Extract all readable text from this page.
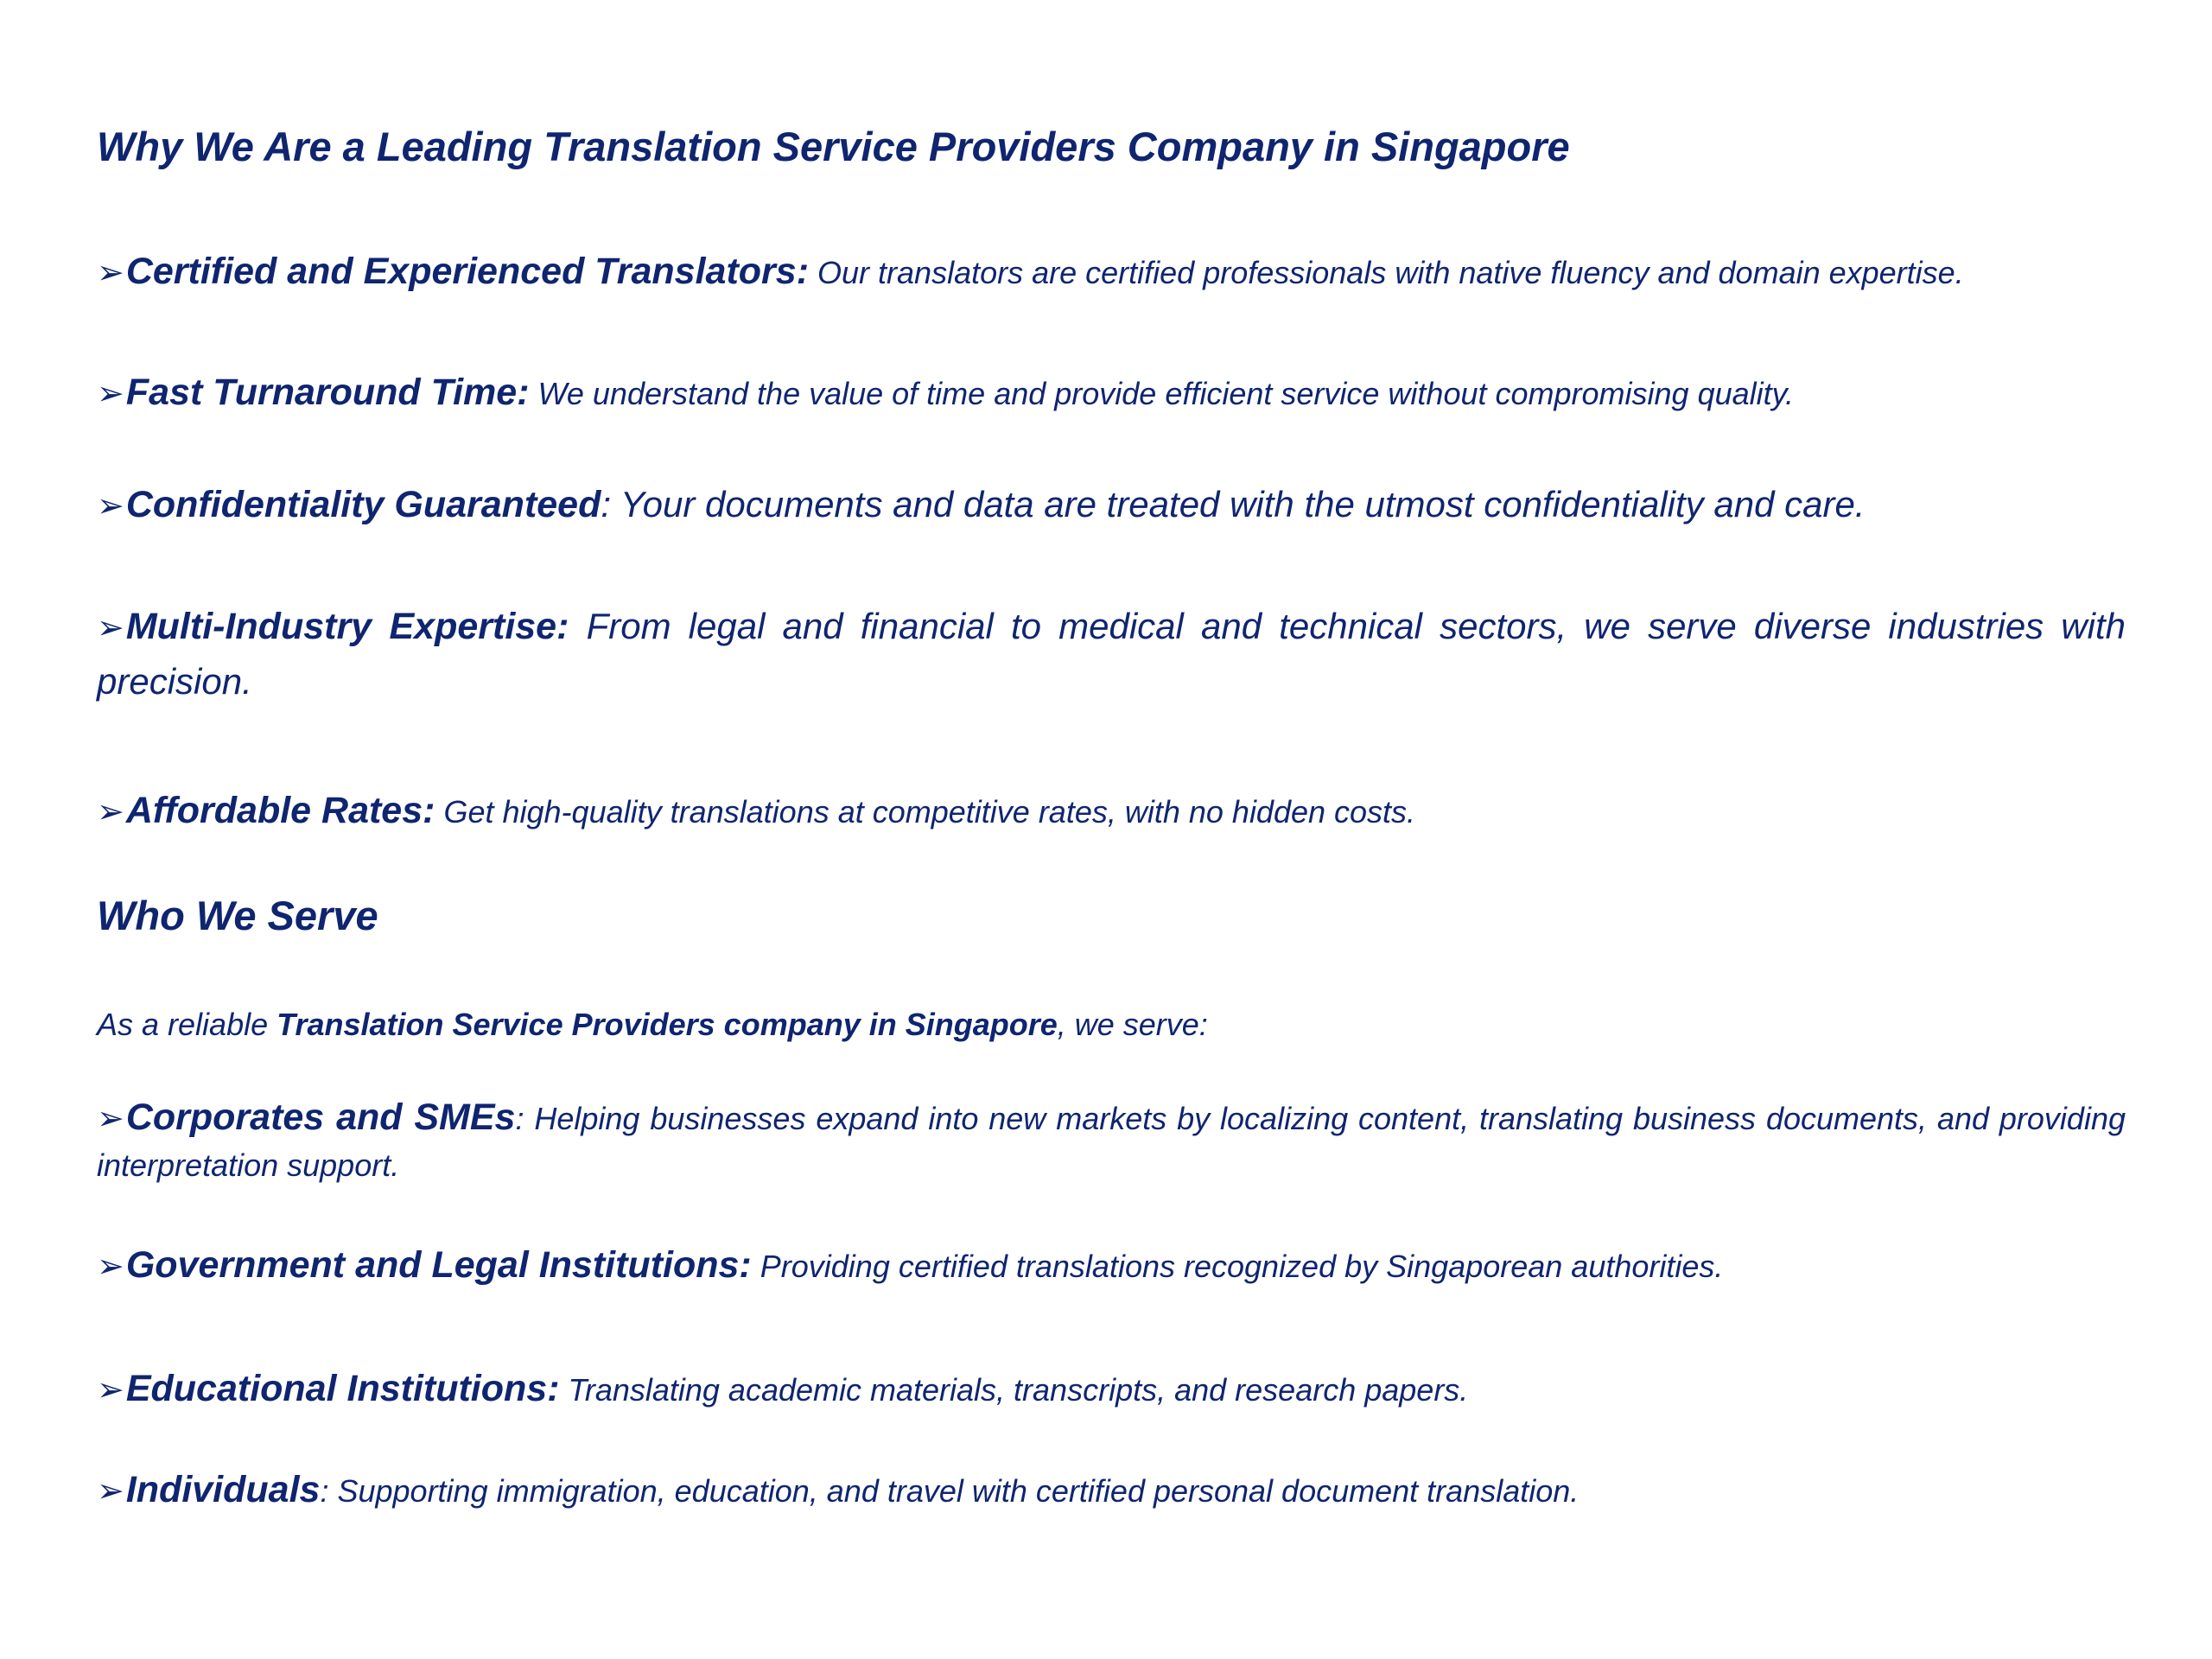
Why We Are a Leading Translation Service Providers Company in Singapore
➢Certified and Experienced Translators: Our translators are certified professionals with native fluency and domain expertise.
➢Fast Turnaround Time: We understand the value of time and provide efficient service without compromising quality.
➢Confidentiality Guaranteed: Your documents and data are treated with the utmost confidentiality and care.
➢Multi-Industry Expertise: From legal and financial to medical and technical sectors, we serve diverse industries with precision.
➢Affordable Rates: Get high-quality translations at competitive rates, with no hidden costs.
Who We Serve
As a reliable Translation Service Providers company in Singapore, we serve:
➢Corporates and SMEs: Helping businesses expand into new markets by localizing content, translating business documents, and providing interpretation support.
➢Government and Legal Institutions: Providing certified translations recognized by Singaporean authorities.
➢Educational Institutions: Translating academic materials, transcripts, and research papers.
➢Individuals: Supporting immigration, education, and travel with certified personal document translation.
